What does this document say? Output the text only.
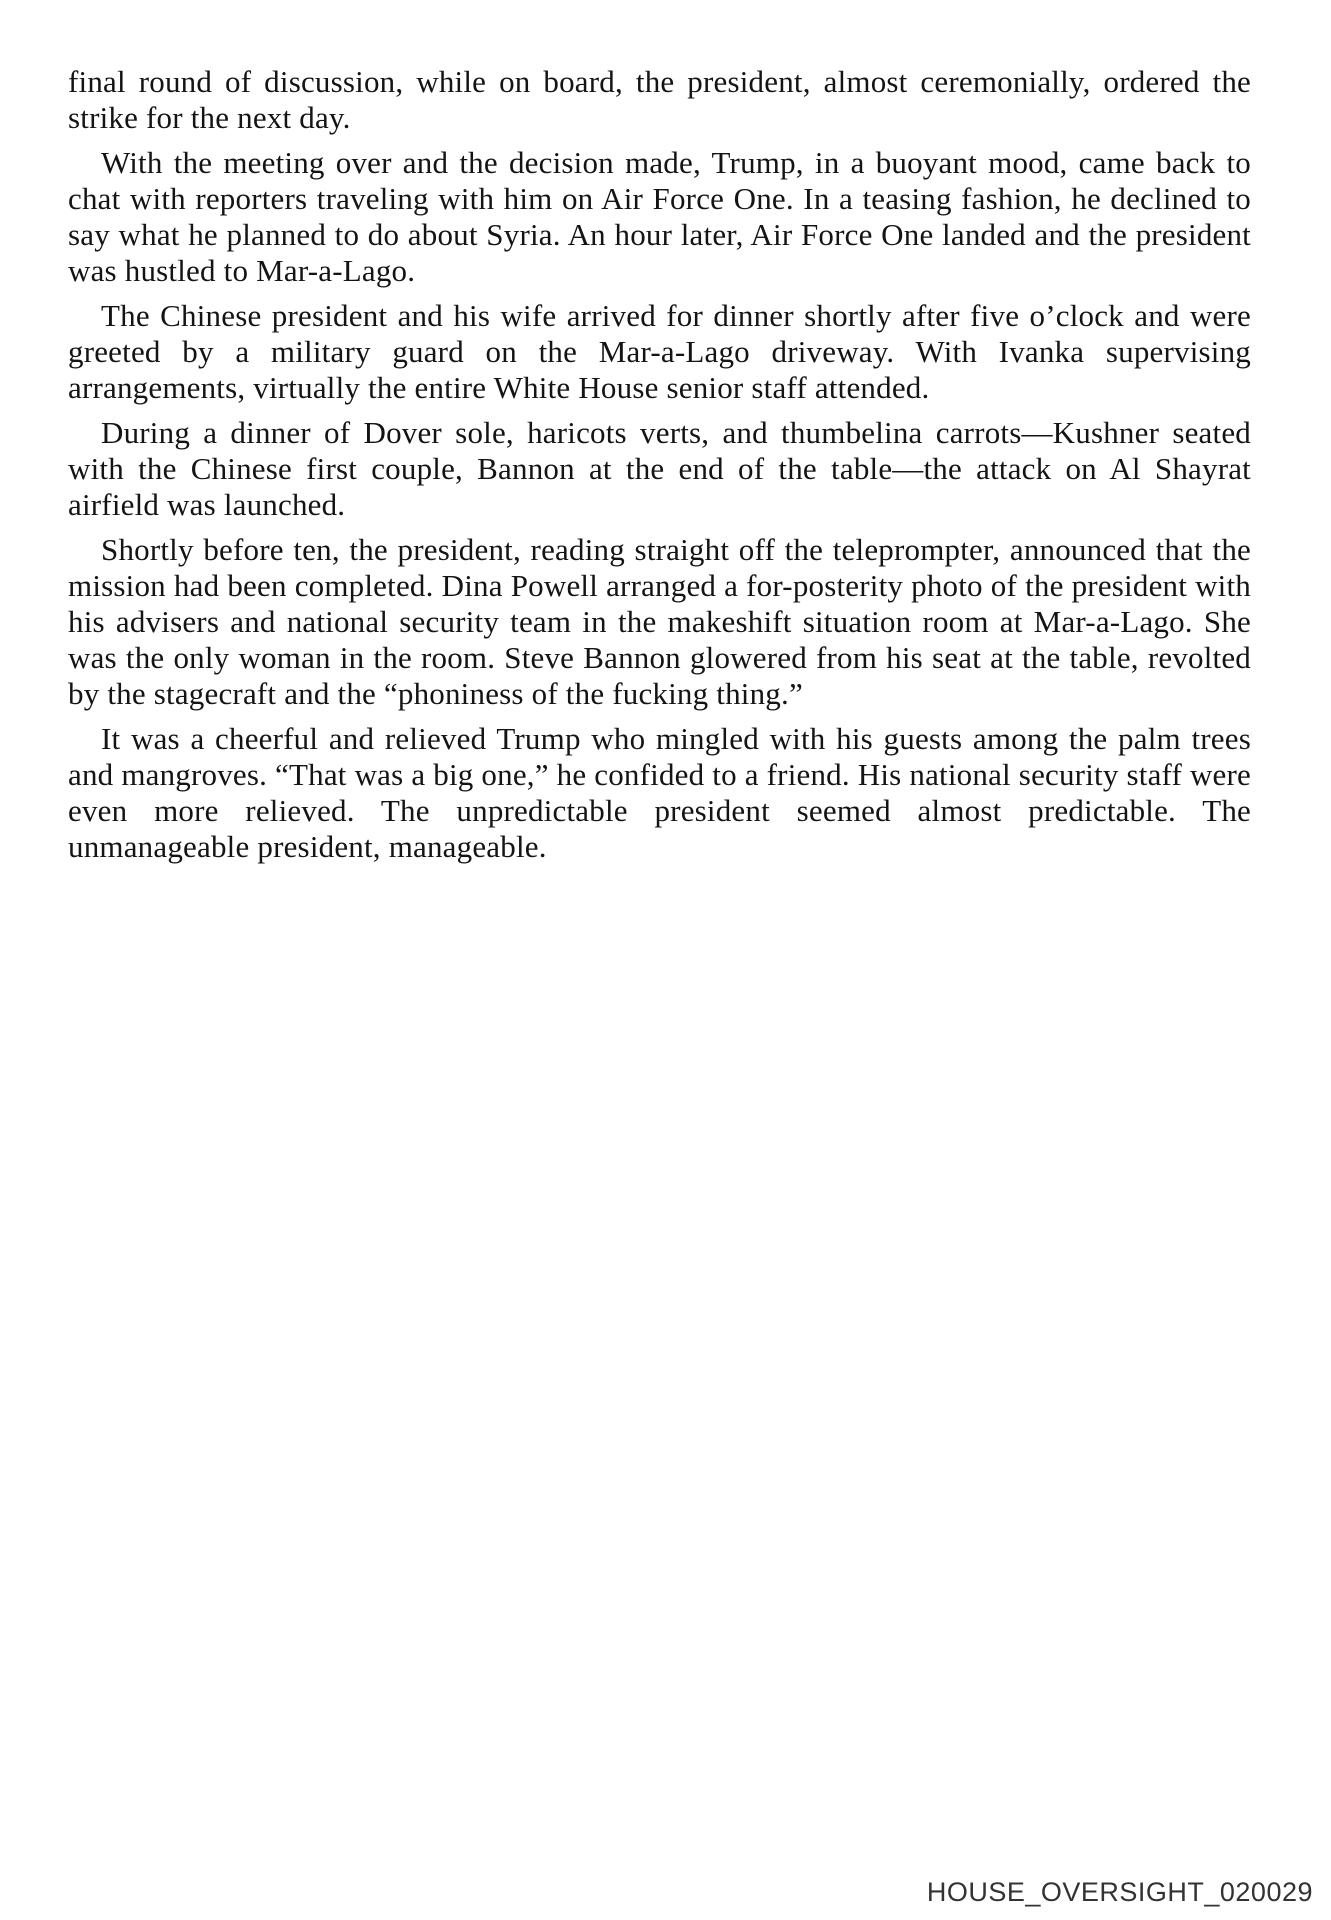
final round of discussion, while on board, the president, almost ceremonially, ordered the strike for the next day.

With the meeting over and the decision made, Trump, in a buoyant mood, came back to chat with reporters traveling with him on Air Force One. In a teasing fashion, he declined to say what he planned to do about Syria. An hour later, Air Force One landed and the president was hustled to Mar-a-Lago.

The Chinese president and his wife arrived for dinner shortly after five o’clock and were greeted by a military guard on the Mar-a-Lago driveway. With Ivanka supervising arrangements, virtually the entire White House senior staff attended.

During a dinner of Dover sole, haricots verts, and thumbelina carrots—Kushner seated with the Chinese first couple, Bannon at the end of the table—the attack on Al Shayrat airfield was launched.

Shortly before ten, the president, reading straight off the teleprompter, announced that the mission had been completed. Dina Powell arranged a for-posterity photo of the president with his advisers and national security team in the makeshift situation room at Mar-a-Lago. She was the only woman in the room. Steve Bannon glowered from his seat at the table, revolted by the stagecraft and the “phoniness of the fucking thing.”

It was a cheerful and relieved Trump who mingled with his guests among the palm trees and mangroves. “That was a big one,” he confided to a friend. His national security staff were even more relieved. The unpredictable president seemed almost predictable. The unmanageable president, manageable.

HOUSE_OVERSIGHT_020029
